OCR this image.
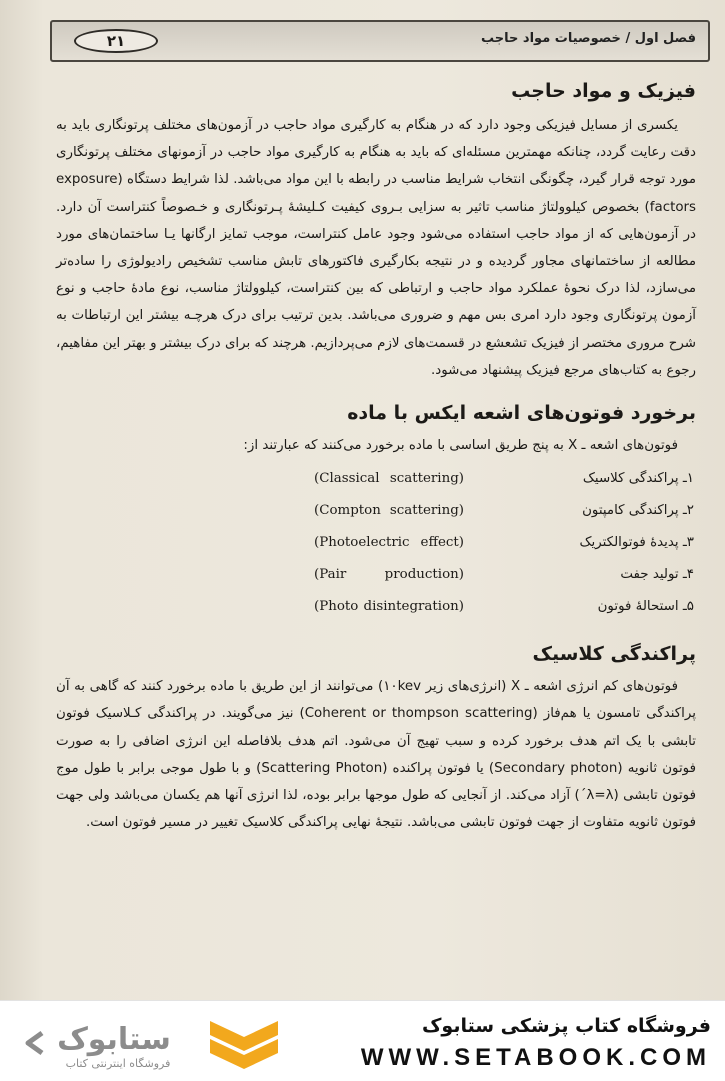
۲۱	فصل اول / خصوصیات مواد حاجب
فیزیک و مواد حاجب

یکسری از مسایل فیزیکی وجود دارد که در هنگام به کارگیری مواد حاجب در آزمون‌های مختلف پرتونگاری باید به دقت رعایت گردد، چنانکه مهمترین مسئله‌ای که باید به هنگام به کارگیری مواد حاجب در آزمونهای مختلف پرتونگاری مورد توجه قرار گیرد، چگونگی انتخاب شرایط مناسب در رابطه با این مواد می‌باشد. لذا شرایط دستگاه (exposure factors) بخصوص کیلوولتاژ مناسب تاثیر به سزایی بـروی کیفیت کـلیشهٔ پـرتونگاری و خـصوصاً کنتراست آن دارد. در آزمون‌هایی که از مواد حاجب استفاده می‌شود وجود عامل کنتراست، موجب تمایز ارگانها یـا ساختمان‌های مورد مطالعه از ساختمانهای مجاور گردیده و در نتیجه بکارگیری فاکتورهای تابش مناسب تشخیص رادیولوژی را ساده‌تر می‌سازد، لذا درک نحوهٔ عملکرد مواد حاجب و ارتباطی که بین کنتراست، کیلوولتاژ مناسب، نوع مادهٔ حاجب و نوع آزمون پرتونگاری وجود دارد امری بس مهم و ضروری می‌باشد. بدین ترتیب برای درک هرچـه بیشتر این ارتباطات به شرح مروری مختصر از فیزیک تشعشع در قسمت‌های لازم می‌پردازیم. هرچند که برای درک بیشتر و بهتر این مفاهیم، رجوع به کتاب‌های مرجع فیزیک پیشنهاد می‌شود.

برخورد فوتون‌های اشعه ایکس با ماده

فوتون‌های اشعه ـ X به پنج طریق اساسی با ماده برخورد می‌کنند که عبارتند از:

۱ـ پراکندگی کلاسیک
(Classical scattering)
۲ـ پراکندگی کامپتون
(Compton scattering)
۳ـ پدیدهٔ فوتوالکتریک
(Photoelectric effect)
۴ـ تولید جفت
(Pair production)
۵ـ استحالهٔ فوتون
(Photo disintegration)
پراکندگی کلاسیک

فوتون‌های کم انرژی اشعه ـ X (انرژی‌های زیر ۱۰kev) می‌توانند از این طریق با ماده برخورد کنند که گاهی به آن پراکندگی تامسون یا هم‌فاز (Coherent or thompson scattering) نیز می‌گویند. در پراکندگی کـلاسیک فوتون تابشی با یک اتم هدف برخورد کرده و سبب تهیج آن می‌شود. اتم هدف بلافاصله این انرژی اضافی را به صورت فوتون ثانویه (Secondary photon) یا فوتون پراکنده (Scattering Photon) و با طول موجی برابر با طول موج فوتون تابشی (λ=λ΄) آزاد می‌کند. از آنجایی که طول موجها برابر بوده، لذا انرژی آنها هم یکسان می‌باشد ولی جهت فوتون ثانویه متفاوت از جهت فوتون تابشی می‌باشد. نتیجهٔ نهایی پراکندگی کلاسیک تغییر در مسیر فوتون است.

ستابوک
فروشگاه اینترنتی کتاب
فروشگاه کتاب پزشکی ستابوک
WWW.SETABOOK.COM
